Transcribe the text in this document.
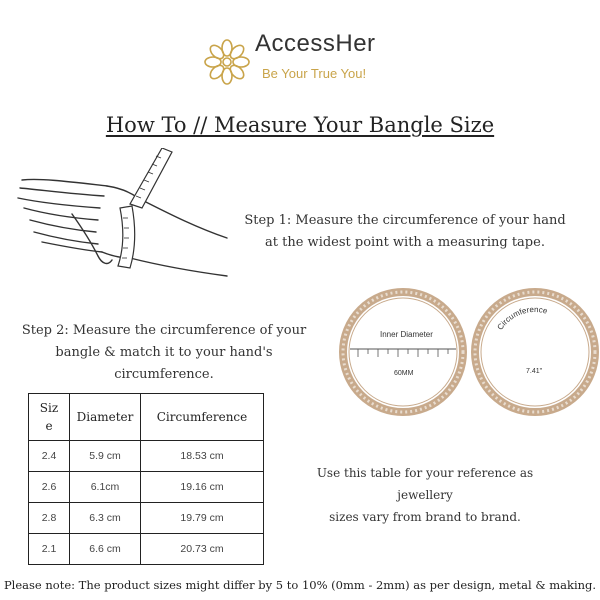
AccessHer
Be Your True You!
How To // Measure Your Bangle Size
Step 1: Measure the circumference of your hand
at the widest point with a measuring tape.
Step 2: Measure the circumference of your
bangle & match it to your hand's circumference.
Inner Diameter
60MM
Circumference
7.41"
Siz
e	Diameter	Circumference
2.4	5.9 cm	18.53 cm
2.6	6.1cm	19.16 cm
2.8	6.3 cm	19.79 cm
2.1	6.6 cm	20.73 cm
Use this table for your reference as jewellery
sizes vary from brand to brand.
Please note: The product sizes might differ by 5 to 10% (0mm - 2mm) as per design, metal & making.
